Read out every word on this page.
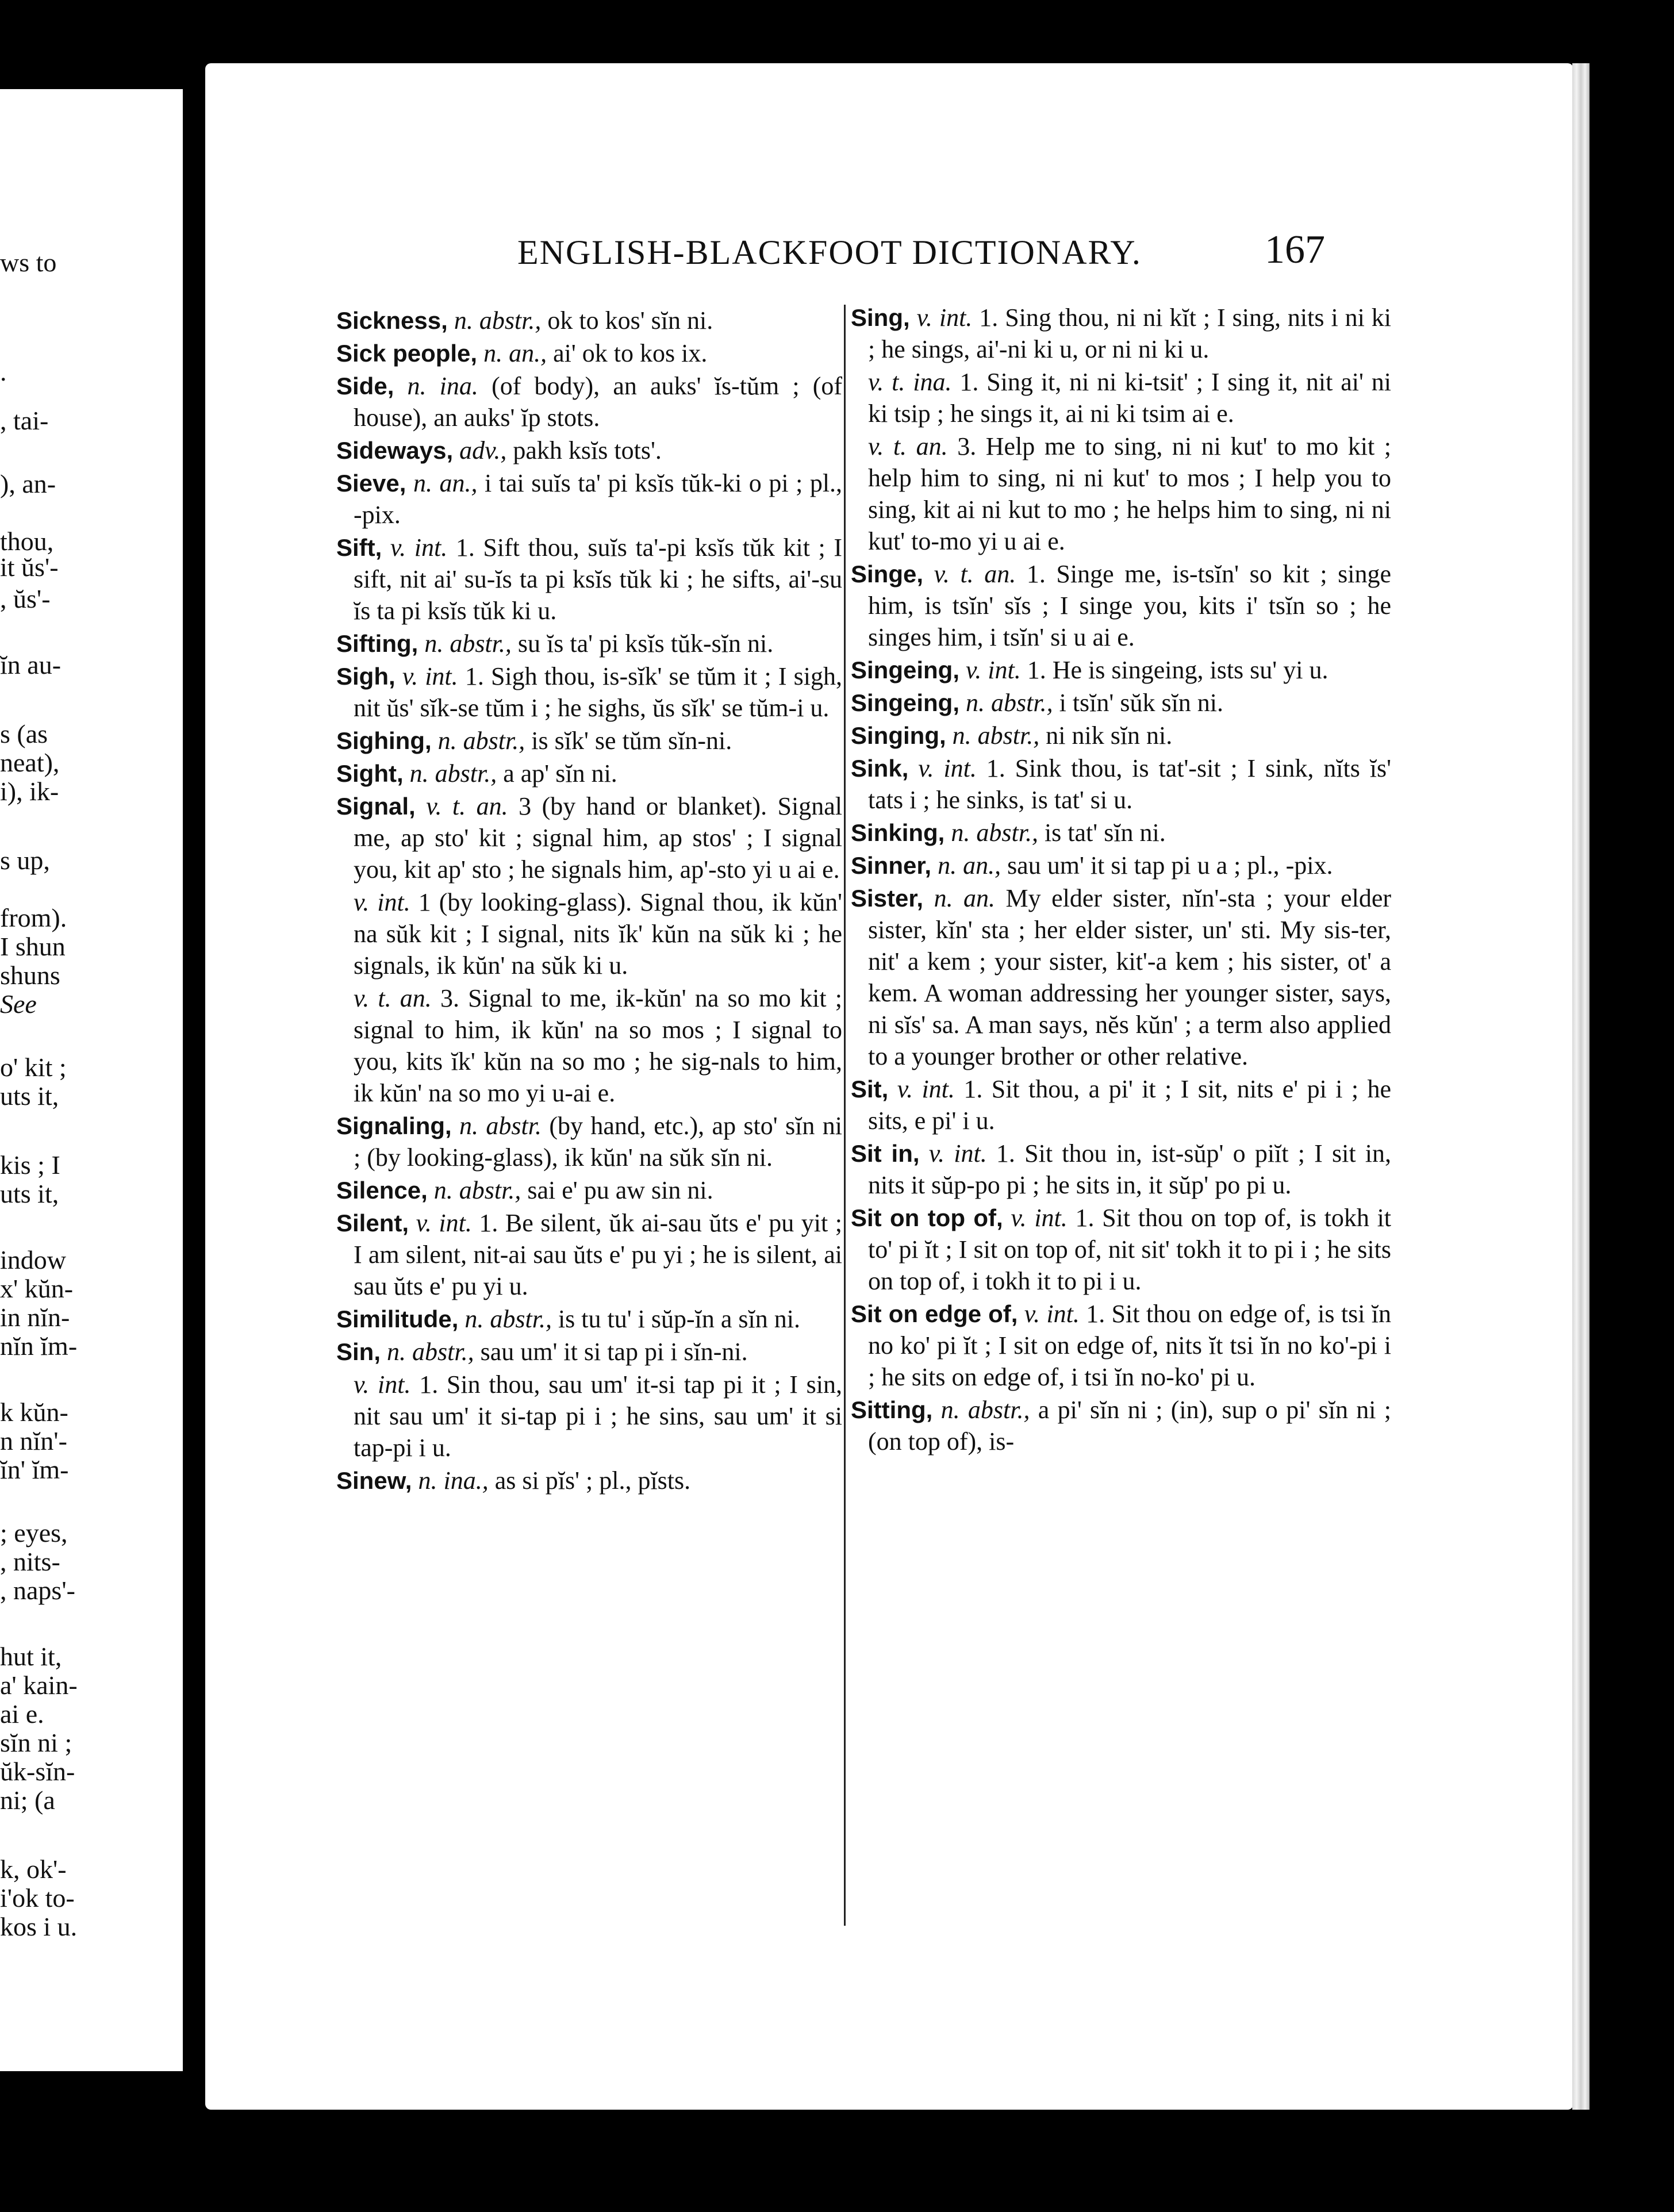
ws to
.
, tai-
), an-
thou,
it ŭs'-
, ŭs'-
ĭn au-
s (as
neat),
i), ik-
s up,
from).
I shun
shuns
See
o' kit ;
uts it,
kis ; I
uts it,
indow
x' kŭn-
in nĭn-
nĭn ĭm-
k kŭn-
n nĭn'-
ĭn' ĭm-
; eyes,
, nits-
, naps'-
hut it,
a' kain-
ai e.
sĭn ni ;
ŭk-sĭn-
ni; (a
k, ok'-
i'ok to-
kos i u.
ENGLISH-BLACKFOOT DICTIONARY.	167
Sickness, n. abstr., ok to kos' sĭn ni.
Sick people, n. an., ai' ok to kos ix.
Side, n. ina. (of body), an auks' ĭs-tŭm ; (of house), an auks' ĭp stots.
Sideways, adv., pakh ksĭs tots'.
Sieve, n. an., i tai suĭs ta' pi ksĭs tŭk-ki o pi ; pl., -pix.
Sift, v. int. 1. Sift thou, suĭs ta'-pi ksĭs tŭk kit ; I sift, nit ai' su-ĭs ta pi ksĭs tŭk ki ; he sifts, ai'-su ĭs ta pi ksĭs tŭk ki u.
Sifting, n. abstr., su ĭs ta' pi ksĭs tŭk-sĭn ni.
Sigh, v. int. 1. Sigh thou, is-sĭk' se tŭm it ; I sigh, nit ŭs' sĭk-se tŭm i ; he sighs, ŭs sĭk' se tŭm-i u.
Sighing, n. abstr., is sĭk' se tŭm sĭn-ni.
Sight, n. abstr., a ap' sĭn ni.
Signal, v. t. an. 3 (by hand or blanket). Signal me, ap sto' kit ; signal him, ap stos' ; I signal you, kit ap' sto ; he signals him, ap'-sto yi u ai e.
v. int. 1 (by looking-glass). Signal thou, ik kŭn' na sŭk kit ; I signal, nits ĭk' kŭn na sŭk ki ; he signals, ik kŭn' na sŭk ki u.
v. t. an. 3. Signal to me, ik-kŭn' na so mo kit ; signal to him, ik kŭn' na so mos ; I signal to you, kits ĭk' kŭn na so mo ; he sig-nals to him, ik kŭn' na so mo yi u-ai e.
Signaling, n. abstr. (by hand, etc.), ap sto' sĭn ni ; (by looking-glass), ik kŭn' na sŭk sĭn ni.
Silence, n. abstr., sai e' pu aw sin ni.
Silent, v. int. 1. Be silent, ŭk ai-sau ŭts e' pu yit ; I am silent, nit-ai sau ŭts e' pu yi ; he is silent, ai sau ŭts e' pu yi u.
Similitude, n. abstr., is tu tu' i sŭp-ĭn a sĭn ni.
Sin, n. abstr., sau um' it si tap pi i sĭn-ni.
v. int. 1. Sin thou, sau um' it-si tap pi it ; I sin, nit sau um' it si-tap pi i ; he sins, sau um' it si tap-pi i u.
Sinew, n. ina., as si pĭs' ; pl., pĭsts.
Sing, v. int. 1. Sing thou, ni ni kĭt ; I sing, nits i ni ki ; he sings, ai'-ni ki u, or ni ni ki u.
v. t. ina. 1. Sing it, ni ni ki-tsit' ; I sing it, nit ai' ni ki tsip ; he sings it, ai ni ki tsim ai e.
v. t. an. 3. Help me to sing, ni ni kut' to mo kit ; help him to sing, ni ni kut' to mos ; I help you to sing, kit ai ni kut to mo ; he helps him to sing, ni ni kut' to-mo yi u ai e.
Singe, v. t. an. 1. Singe me, is-tsĭn' so kit ; singe him, is tsĭn' sĭs ; I singe you, kits i' tsĭn so ; he singes him, i tsĭn' si u ai e.
Singeing, v. int. 1. He is singeing, ists su' yi u.
Singeing, n. abstr., i tsĭn' sŭk sĭn ni.
Singing, n. abstr., ni nik sĭn ni.
Sink, v. int. 1. Sink thou, is tat'-sit ; I sink, nĭts ĭs' tats i ; he sinks, is tat' si u.
Sinking, n. abstr., is tat' sĭn ni.
Sinner, n. an., sau um' it si tap pi u a ; pl., -pix.
Sister, n. an. My elder sister, nĭn'-sta ; your elder sister, kĭn' sta ; her elder sister, un' sti. My sis-ter, nit' a kem ; your sister, kit'-a kem ; his sister, ot' a kem. A woman addressing her younger sister, says, ni sĭs' sa. A man says, nĕs kŭn' ; a term also applied to a younger brother or other relative.
Sit, v. int. 1. Sit thou, a pi' it ; I sit, nits e' pi i ; he sits, e pi' i u.
Sit in, v. int. 1. Sit thou in, ist-sŭp' o piĭt ; I sit in, nits it sŭp-po pi ; he sits in, it sŭp' po pi u.
Sit on top of, v. int. 1. Sit thou on top of, is tokh it to' pi ĭt ; I sit on top of, nit sit' tokh it to pi i ; he sits on top of, i tokh it to pi i u.
Sit on edge of, v. int. 1. Sit thou on edge of, is tsi ĭn no ko' pi ĭt ; I sit on edge of, nits ĭt tsi ĭn no ko'-pi i ; he sits on edge of, i tsi ĭn no-ko' pi u.
Sitting, n. abstr., a pi' sĭn ni ; (in), sup o pi' sĭn ni ; (on top of), is-
